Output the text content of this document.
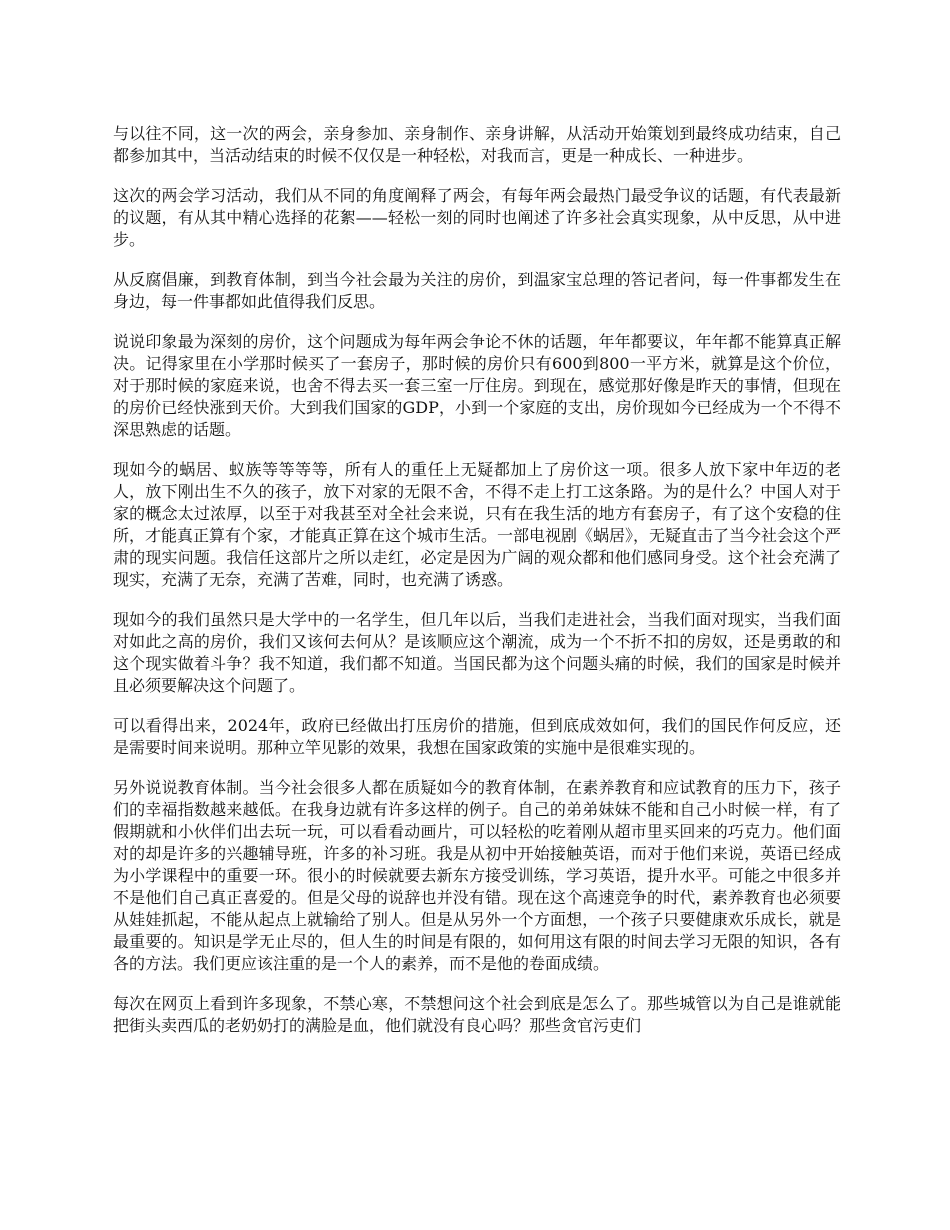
与以往不同，这一次的两会，亲身参加、亲身制作、亲身讲解，从活动开始策划到最终成功结束，自己都参加其中，当活动结束的时候不仅仅是一种轻松，对我而言，更是一种成长、一种进步。

这次的两会学习活动，我们从不同的角度阐释了两会，有每年两会最热门最受争议的话题，有代表最新的议题，有从其中精心选择的花絮——轻松一刻的同时也阐述了许多社会真实现象，从中反思，从中进步。

从反腐倡廉，到教育体制，到当今社会最为关注的房价，到温家宝总理的答记者问，每一件事都发生在身边，每一件事都如此值得我们反思。

说说印象最为深刻的房价，这个问题成为每年两会争论不休的话题，年年都要议，年年都不能算真正解决。记得家里在小学那时候买了一套房子，那时候的房价只有600到800一平方米，就算是这个价位，对于那时候的家庭来说，也舍不得去买一套三室一厅住房。到现在，感觉那好像是昨天的事情，但现在的房价已经快涨到天价。大到我们国家的GDP，小到一个家庭的支出，房价现如今已经成为一个不得不深思熟虑的话题。

现如今的蜗居、蚁族等等等等，所有人的重任上无疑都加上了房价这一项。很多人放下家中年迈的老人，放下刚出生不久的孩子，放下对家的无限不舍，不得不走上打工这条路。为的是什么？中国人对于家的概念太过浓厚，以至于对我甚至对全社会来说，只有在我生活的地方有套房子，有了这个安稳的住所，才能真正算有个家，才能真正算在这个城市生活。一部电视剧《蜗居》，无疑直击了当今社会这个严肃的现实问题。我信任这部片之所以走红，必定是因为广阔的观众都和他们感同身受。这个社会充满了现实，充满了无奈，充满了苦难，同时，也充满了诱惑。

现如今的我们虽然只是大学中的一名学生，但几年以后，当我们走进社会，当我们面对现实，当我们面对如此之高的房价，我们又该何去何从？是该顺应这个潮流，成为一个不折不扣的房奴，还是勇敢的和这个现实做着斗争？我不知道，我们都不知道。当国民都为这个问题头痛的时候，我们的国家是时候并且必须要解决这个问题了。

可以看得出来，2024年，政府已经做出打压房价的措施，但到底成效如何，我们的国民作何反应，还是需要时间来说明。那种立竿见影的效果，我想在国家政策的实施中是很难实现的。

另外说说教育体制。当今社会很多人都在质疑如今的教育体制，在素养教育和应试教育的压力下，孩子们的幸福指数越来越低。在我身边就有许多这样的例子。自己的弟弟妹妹不能和自己小时候一样，有了假期就和小伙伴们出去玩一玩，可以看看动画片，可以轻松的吃着刚从超市里买回来的巧克力。他们面对的却是许多的兴趣辅导班，许多的补习班。我是从初中开始接触英语，而对于他们来说，英语已经成为小学课程中的重要一环。很小的时候就要去新东方接受训练，学习英语，提升水平。可能之中很多并不是他们自己真正喜爱的。但是父母的说辞也并没有错。现在这个高速竞争的时代，素养教育也必须要从娃娃抓起，不能从起点上就输给了别人。但是从另外一个方面想，一个孩子只要健康欢乐成长，就是最重要的。知识是学无止尽的，但人生的时间是有限的，如何用这有限的时间去学习无限的知识，各有各的方法。我们更应该注重的是一个人的素养，而不是他的卷面成绩。

每次在网页上看到许多现象，不禁心寒，不禁想问这个社会到底是怎么了。那些城管以为自己是谁就能把街头卖西瓜的老奶奶打的满脸是血，他们就没有良心吗？那些贪官污吏们
